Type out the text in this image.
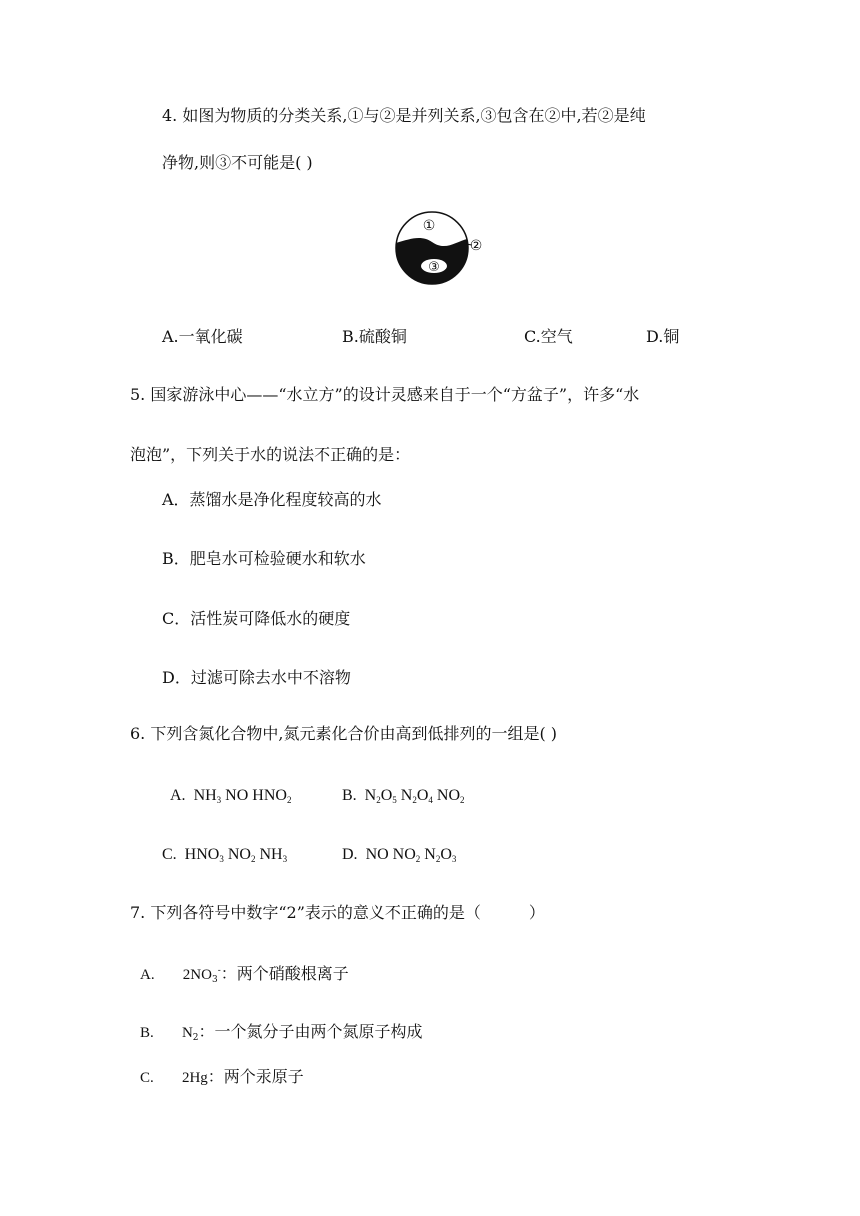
4. 如图为物质的分类关系,①与②是并列关系,③包含在②中,若②是纯
净物,则③不可能是( )
①
②
③
A.一氧化碳	B.硫酸铜	C.空气	D.铜
5. 国家游泳中心——“水立方”的设计灵感来自于一个“方盆子”，许多“水
泡泡”，下列关于水的说法不正确的是：
A．蒸馏水是净化程度较高的水
B．肥皂水可检验硬水和软水
C．活性炭可降低水的硬度
D．过滤可除去水中不溶物
6. 下列含氮化合物中,氮元素化合价由高到低排列的一组是( )
A. $NH_3$ NO $HNO_2$	B. $N_2O_5$ $N_2O_4$ $NO_2$
C. $HNO_3$ $NO_2$ $NH_3$	D. NO $NO_2$ $N_2O_3$
7. 下列各符号中数字“2”表示的意义不正确的是（　　　）
A. $2NO_3^-$：两个硝酸根离子
B. $N_2$：一个氮分子由两个氮原子构成
C. 2Hg：两个汞原子
